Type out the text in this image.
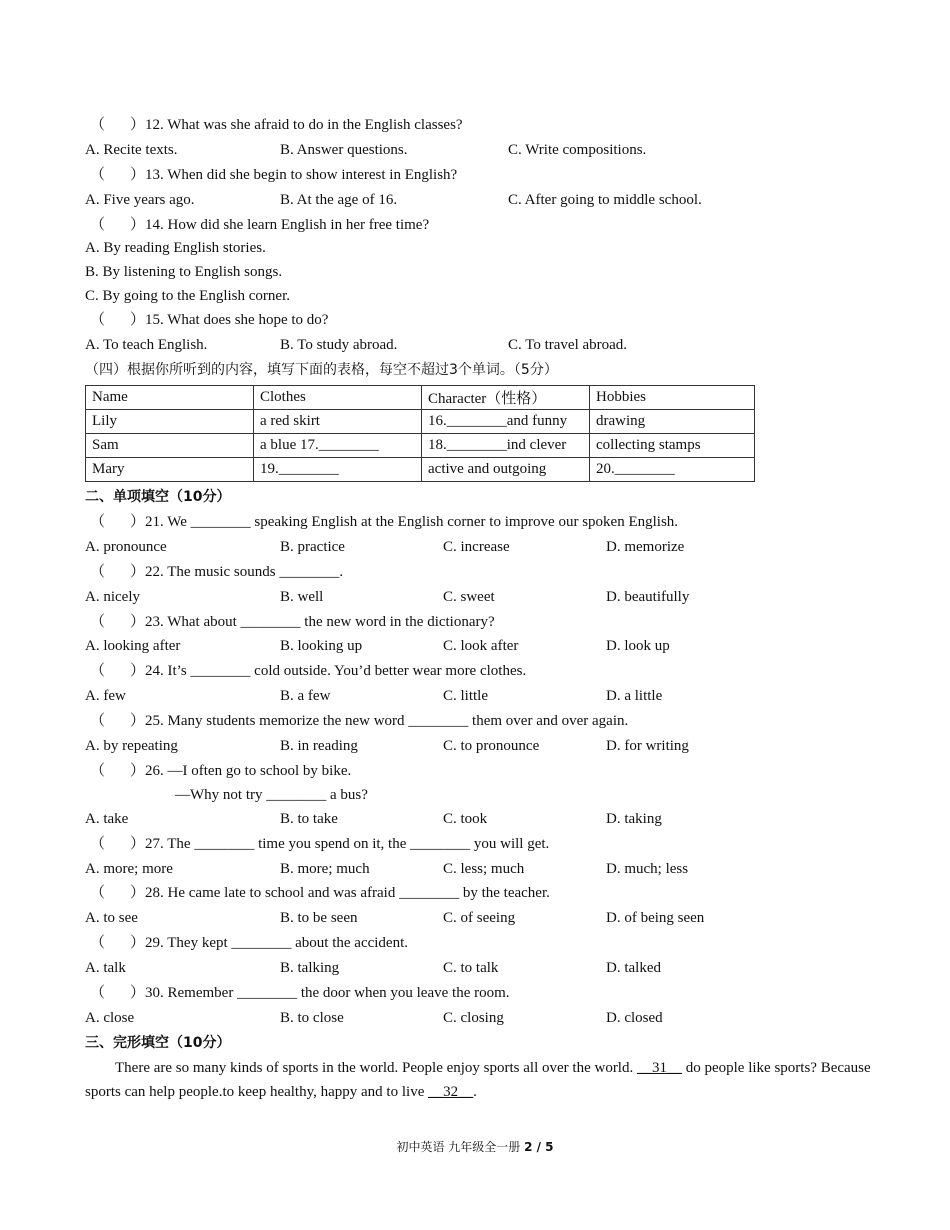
（ ）12. What was she afraid to do in the English classes?
A. Recite texts.	B. Answer questions.	C. Write compositions.
（ ）13. When did she begin to show interest in English?
A. Five years ago.	B. At the age of 16.	C. After going to middle school.
（ ）14. How did she learn English in her free time?
A. By reading English stories.
B. By listening to English songs.
C. By going to the English corner.
（ ）15. What does she hope to do?
A. To teach English.	B. To study abroad.	C. To travel abroad.
（四）根据你所听到的内容，填写下面的表格，每空不超过3个单词。（5分）
Name	Clothes	Character（性格）	Hobbies
Lily	a red skirt	16.________and funny	drawing
Sam	a blue 17.________	18.________ind clever	collecting stamps
Mary	19.________	active and outgoing	20.________
二、单项填空（10分）
（ ）21. We ________ speaking English at the English corner to improve our spoken English.
A. pronounce	B. practice	C. increase	D. memorize
（ ）22. The music sounds ________.
A. nicely	B. well	C. sweet	D. beautifully
（ ）23. What about ________ the new word in the dictionary?
A. looking after	B. looking up	C. look after	D. look up
（ ）24. It’s ________ cold outside. You’d better wear more clothes.
A. few	B. a few	C. little	D. a little
（ ）25. Many students memorize the new word ________ them over and over again.
A. by repeating	B. in reading	C. to pronounce	D. for writing
（ ）26. —I often go to school by bike.
—Why not try ________ a bus?
A. take	B. to take	C. took	D. taking
（ ）27. The ________ time you spend on it, the ________ you will get.
A. more; more	B. more; much	C. less; much	D. much; less
（ ）28. He came late to school and was afraid ________ by the teacher.
A. to see	B. to be seen	C. of seeing	D. of being seen
（ ）29. They kept ________ about the accident.
A. talk	B. talking	C. to talk	D. talked
（ ）30. Remember ________ the door when you leave the room.
A. close	B. to close	C. closing	D. closed
三、完形填空（10分）
There are so many kinds of sports in the world. People enjoy sports all over the world. __31__ do people like sports? Because sports can help people.to keep healthy, happy and to live __32__.
初中英语 九年级全一册 2 / 5
